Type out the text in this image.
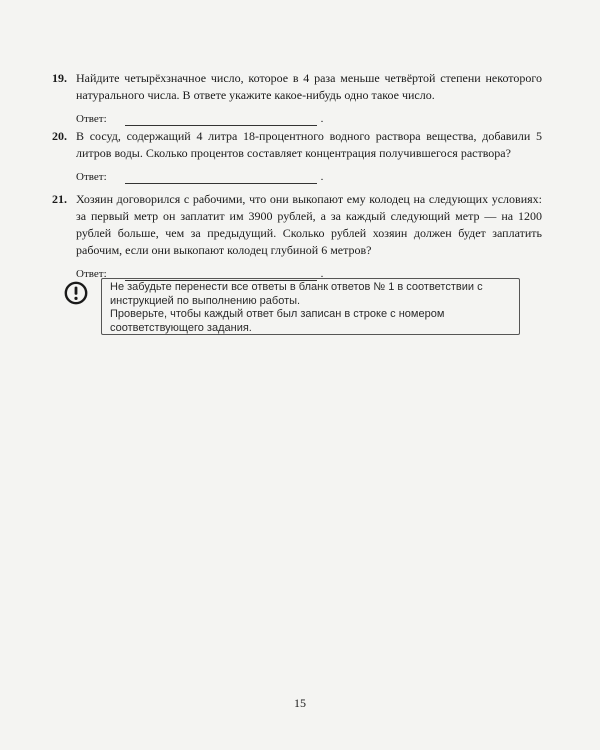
19. Найдите четырёхзначное число, которое в 4 раза меньше четвёртой степени некоторого натурального числа. В ответе укажите какое-нибудь одно такое число.
Ответ:	.
20. В сосуд, содержащий 4 литра 18-процентного водного раствора вещества, добавили 5 литров воды. Сколько процентов составляет концентрация получившегося раствора?
Ответ:	.
21. Хозяин договорился с рабочими, что они выкопают ему колодец на следующих условиях: за первый метр он заплатит им 3900 рублей, а за каждый следующий метр — на 1200 рублей больше, чем за предыдущий. Сколько рублей хозяин должен будет заплатить рабочим, если они выкопают колодец глубиной 6 метров?
Ответ:	.

Не забудьте перенести все ответы в бланк ответов № 1 в соответствии с инструкцией по выполнению работы.

Проверьте, чтобы каждый ответ был записан в строке с номером соответствующего задания.

15
